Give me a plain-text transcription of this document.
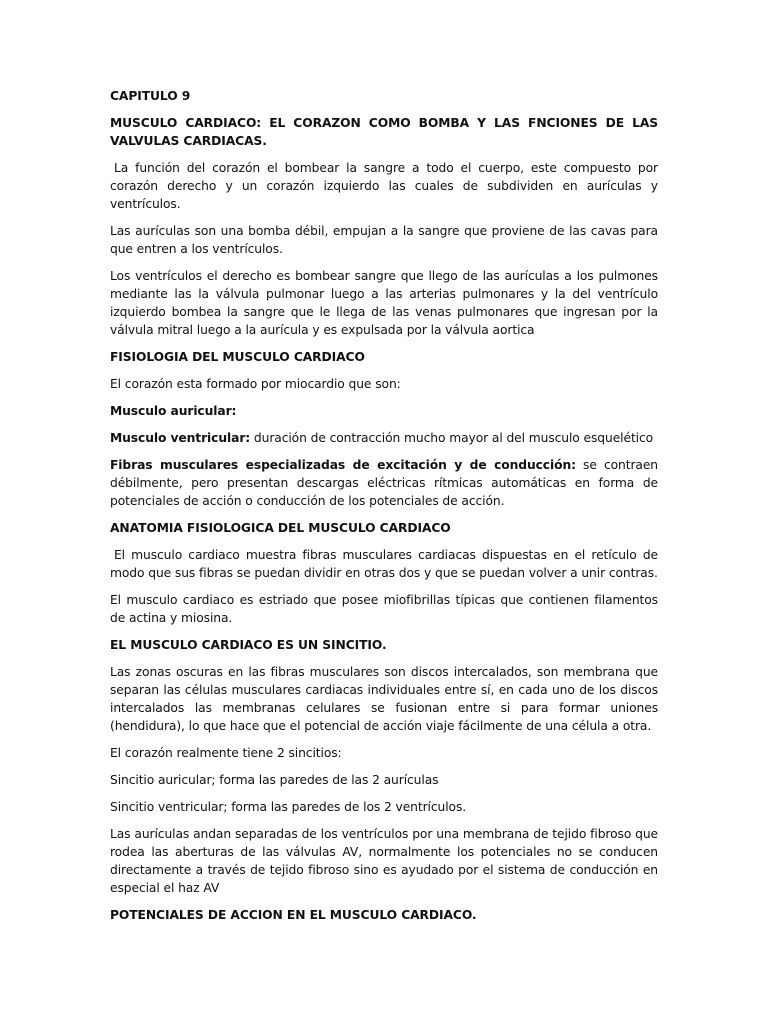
CAPITULO 9

MUSCULO CARDIACO: EL CORAZON COMO BOMBA Y LAS FNCIONES DE LAS VALVULAS CARDIACAS.

La función del corazón el bombear la sangre a todo el cuerpo, este compuesto por corazón derecho y un corazón izquierdo las cuales de subdividen en aurículas y ventrículos.

Las aurículas son una bomba débil, empujan a la sangre que proviene de las cavas para que entren a los ventrículos.

Los ventrículos el derecho es bombear sangre que llego de las aurículas a los pulmones mediante las la válvula pulmonar luego a las arterias pulmonares y la del ventrículo izquierdo bombea la sangre que le llega de las venas pulmonares que ingresan por la válvula mitral luego a la aurícula y es expulsada por la válvula aortica

FISIOLOGIA DEL MUSCULO CARDIACO

El corazón esta formado por miocardio que son:

Musculo auricular:

Musculo ventricular: duración de contracción mucho mayor al del musculo esquelético

Fibras musculares especializadas de excitación y de conducción: se contraen débilmente, pero presentan descargas eléctricas rítmicas automáticas en forma de potenciales de acción o conducción de los potenciales de acción.

ANATOMIA FISIOLOGICA DEL MUSCULO CARDIACO

El musculo cardiaco muestra fibras musculares cardiacas dispuestas en el retículo de modo que sus fibras se puedan dividir en otras dos y que se puedan volver a unir contras.

El musculo cardiaco es estriado que posee miofibrillas típicas que contienen filamentos de actina y miosina.

EL MUSCULO CARDIACO ES UN SINCITIO.

Las zonas oscuras en las fibras musculares son discos intercalados, son membrana que separan las células musculares cardiacas individuales entre sí, en cada uno de los discos intercalados las membranas celulares se fusionan entre si para formar uniones (hendidura), lo que hace que el potencial de acción viaje fácilmente de una célula a otra.

El corazón realmente tiene 2 sincitios:

Sincitio auricular; forma las paredes de las 2 aurículas

Sincitio ventricular; forma las paredes de los 2 ventrículos.

Las aurículas andan separadas de los ventrículos por una membrana de tejido fibroso que rodea las aberturas de las válvulas AV, normalmente los potenciales no se conducen directamente a través de tejido fibroso sino es ayudado por el sistema de conducción en especial el haz AV

POTENCIALES DE ACCION EN EL MUSCULO CARDIACO.
